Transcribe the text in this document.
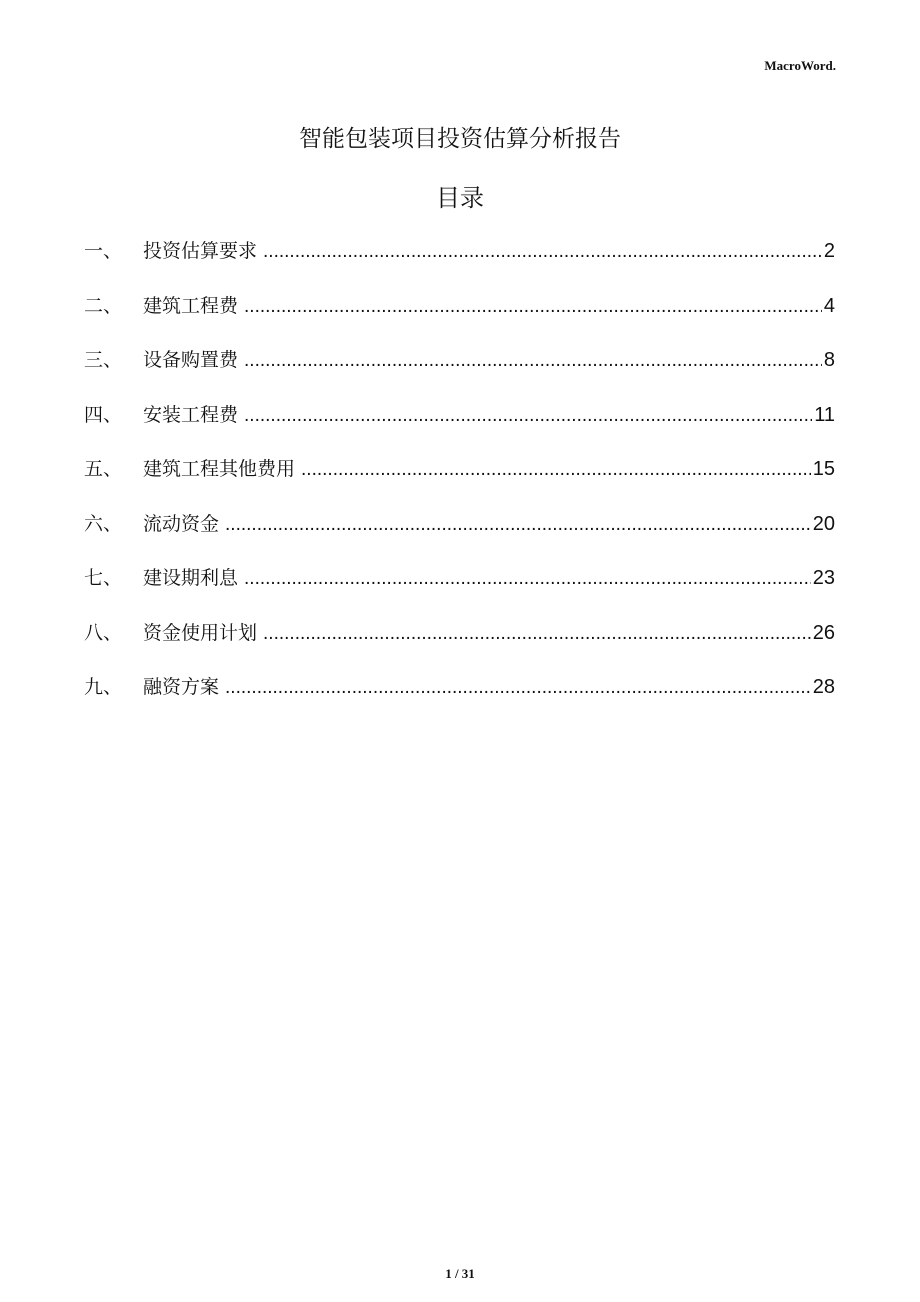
MacroWord.
智能包装项目投资估算分析报告
目录
一、	投资估算要求 .....	2
二、	建筑工程费 .....	4
三、	设备购置费 .....	8
四、	安装工程费 .....	11
五、	建筑工程其他费用 .....	15
六、	流动资金 .....	20
七、	建设期利息 .....	23
八、	资金使用计划 .....	26
九、	融资方案 .....	28
1 / 31
